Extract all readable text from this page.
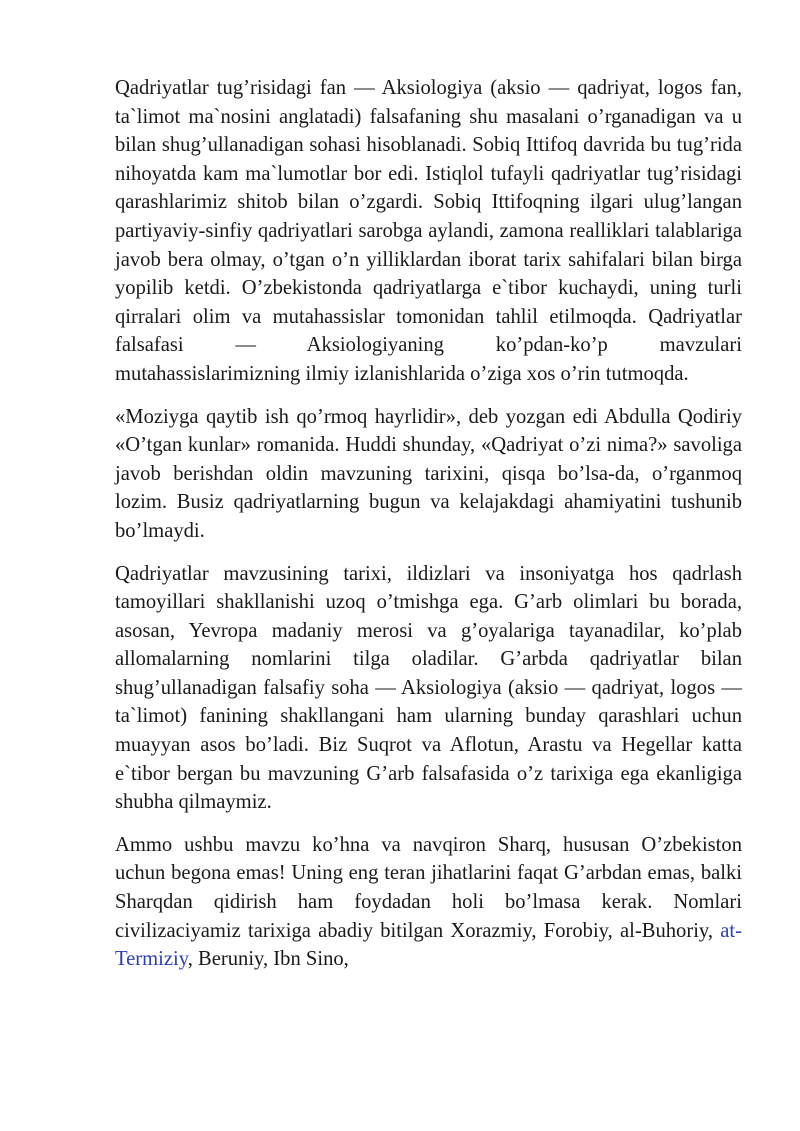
Qadriyatlar tug’risidagi fan — Aksiologiya (aksio — qadriyat, logos fan, ta`limot ma`nosini anglatadi) falsafaning shu masalani o’rganadigan va u bilan shug’ullanadigan sohasi hisoblanadi. Sobiq Ittifoq davrida bu tug’rida nihoyatda kam ma`lumotlar bor edi. Istiqlol tufayli qadriyatlar tug’risidagi qarashlarimiz shitob bilan o’zgardi. Sobiq Ittifoqning ilgari ulug’langan partiyaviy-sinfiy qadriyatlari sarobga aylandi, zamona realliklari talablariga javob bera olmay, o’tgan o’n yilliklardan iborat tarix sahifalari bilan birga yopilib ketdi. O’zbekistonda qadriyatlarga e`tibor kuchaydi, uning turli qirralari olim va mutahassislar tomonidan tahlil etilmoqda. Qadriyatlar falsafasi — Aksiologiyaning ko’pdan-ko’p mavzulari mutahassislarimizning ilmiy izlanishlarida o’ziga xos o’rin tutmoqda.

«Moziyga qaytib ish qo’rmoq hayrlidir», deb yozgan edi Abdulla Qodiriy «O’tgan kunlar» romanida. Huddi shunday, «Qadriyat o’zi nima?» savoliga javob berishdan oldin mavzuning tarixini, qisqa bo’lsa-da, o’rganmoq lozim. Busiz qadriyatlarning bugun va kelajakdagi ahamiyatini tushunib bo’lmaydi.

Qadriyatlar mavzusining tarixi, ildizlari va insoniyatga hos qadrlash tamoyillari shakllanishi uzoq o’tmishga ega. G’arb olimlari bu borada, asosan, Yevropa madaniy merosi va g’oyalariga tayanadilar, ko’plab allomalarning nomlarini tilga oladilar. G’arbda qadriyatlar bilan shug’ullanadigan falsafiy soha — Aksiologiya (aksio — qadriyat, logos — ta`limot) fanining shakllangani ham ularning bunday qarashlari uchun muayyan asos bo’ladi. Biz Suqrot va Aflotun, Arastu va Hegellar katta e`tibor bergan bu mavzuning G’arb falsafasida o’z tarixiga ega ekanligiga shubha qilmaymiz.

Ammo ushbu mavzu ko’hna va navqiron Sharq, hususan O’zbekiston uchun begona emas! Uning eng teran jihatlarini faqat G’arbdan emas, balki Sharqdan qidirish ham foydadan holi bo’lmasa kerak. Nomlari civilizaciyamiz tarixiga abadiy bitilgan Xorazmiy, Forobiy, al-Buhoriy, at-Termiziy, Beruniy, Ibn Sino,
